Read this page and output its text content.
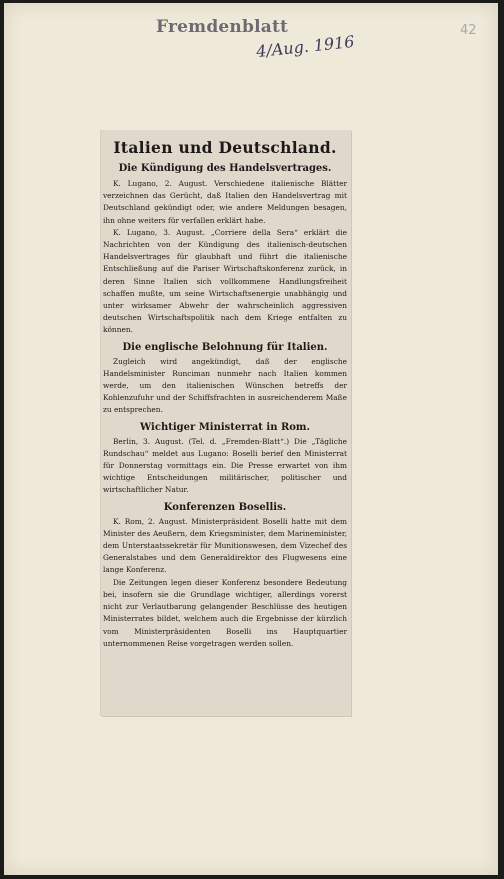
Fremdenblatt
4/Aug. 1916
42
Italien und Deutschland.
Die Kündigung des Handelsvertrages.

K. Lugano, 2. August. Verschiedene italienische Blätter verzeichnen das Gerücht, daß Italien den Handelsvertrag mit Deutschland gekündigt oder, wie andere Meldungen besagen, ihn ohne weiters für verfallen erklärt habe.

K. Lugano, 3. August. „Corriere della Sera“ erklärt die Nachrichten von der Kündigung des italienisch-deutschen Handelsvertrages für glaubhaft und führt die italienische Entschließung auf die Pariser Wirtschaftskonferenz zurück, in deren Sinne Italien sich vollkommene Handlungsfreiheit schaffen mußte, um seine Wirtschaftsenergie unabhängig und unter wirksamer Abwehr der wahrscheinlich aggressiven deutschen Wirtschaftspolitik nach dem Kriege entfalten zu können.

Die englische Belohnung für Italien.

Zugleich wird angekündigt, daß der englische Handelsminister Runciman nunmehr nach Italien kommen werde, um den italienischen Wünschen betreffs der Kohlenzufuhr und der Schiffsfrachten in ausreichenderem Maße zu entsprechen.

Wichtiger Ministerrat in Rom.

Berlin, 3. August. (Tel. d. „Fremden-Blatt“.) Die „Tägliche Rundschau“ meldet aus Lugano: Boselli berief den Ministerrat für Donnerstag vormittags ein. Die Presse erwartet von ihm wichtige Entscheidungen militärischer, politischer und wirtschaftlicher Natur.

Konferenzen Bosellis.

K. Rom, 2. August. Ministerpräsident Boselli hatte mit dem Minister des Aeußern, dem Kriegsminister, dem Marineminister, dem Unterstaatssekretär für Munitionswesen, dem Vizechef des Generalstabes und dem Generaldirektor des Flugwesens eine lange Konferenz.

Die Zeitungen legen dieser Konferenz besondere Bedeutung bei, insofern sie die Grundlage wichtiger, allerdings vorerst nicht zur Verlautbarung gelangender Beschlüsse des heutigen Ministerrates bildet, welchem auch die Ergebnisse der kürzlich vom Ministerpräsidenten Boselli ins Hauptquartier unternommenen Reise vorgetragen werden sollen.
